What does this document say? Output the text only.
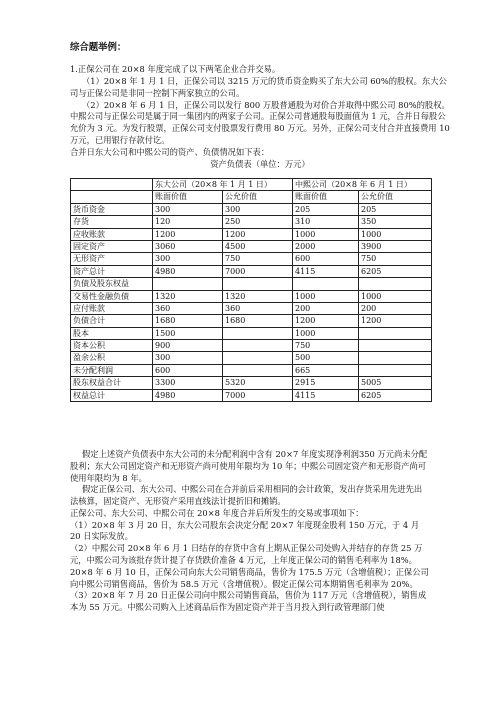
综合题举例：

1.正保公司在 20×8 年度完成了以下两笔企业合并交易。

（1）20×8 年 1 月 1 日，正保公司以 3215 万元的货币资金购买了东大公司 60%的股权。东大公司与正保公司是非同一控制下两家独立的公司。

（2）20×8 年 6 月 1 日，正保公司以发行 800 万股普通股为对价合并取得中熙公司 80%的股权。中熙公司与正保公司是属于同一集团内的两家子公司。正保公司普通股每股面值为 1 元，合并日每股公允价为 3 元。为发行股票，正保公司支付股票发行费用 80 万元。另外，正保公司支付合并直接费用 10 万元，已用银行存款付讫。

合并日东大公司和中熙公司的资产、负债情况如下表：

资产负债表（单位：万元）

	东大公司（20×8 年 1 月 1 日）		中熙公司（20×8 年 6 月 1 日）	
	账面价值	公允价值	账面价值	公允价值
货币资金	300	300	205	205
存货	120	250	310	350
应收账款	1200	1200	1000	1000
固定资产	3060	4500	2000	3900
无形资产	300	750	600	750
资产总计	4980	7000	4115	6205
负债及股东权益				
交易性金融负债	1320	1320	1000	1000
应付账款	360	360	200	200
负债合计	1680	1680	1200	1200
股本	1500		1000	
资本公积	900		750	
盈余公积	300		500	
未分配利润	600		665	
股东权益合计	3300	5320	2915	5005
权益总计	4980	7000	4115	6205

假定上述资产负债表中东大公司的未分配利润中含有 20×7 年度实现净利润350 万元尚未分配股利；东大公司固定资产和无形资产尚可使用年限均为 10 年；中熙公司固定资产和无形资产尚可使用年限均为 8 年。

假定正保公司、东大公司、中熙公司在合并前后采用相同的会计政策，发出存货采用先进先出法核算，固定资产、无形资产采用直线法计提折旧和摊销。

正保公司、东大公司、中熙公司在 20×8 年度合并后所发生的交易或事项如下：

（1）20×8 年 3 月 20 日，东大公司股东会决定分配 20×7 年度现金股利 150 万元，于 4 月 20 日实际发放。

（2）中熙公司 20×8 年 6 月 1 日结存的存货中含有上期从正保公司处购入并结存的存货 25 万元，中熙公司为该批存货计提了存货跌价准备 4 万元，上年度正保公司的销售毛利率为 18%。

20×8 年 6 月 10 日，正保公司向东大公司销售商品，售价为 175.5 万元（含增值税）；正保公司向中熙公司销售商品，售价为 58.5 万元（含增值税）。假定正保公司本期销售毛利率为 20%。

（3）20×8 年 7 月 20 日正保公司向中熙公司销售商品，售价为 117 万元（含增值税），销售成本为 55 万元。中熙公司购入上述商品后作为固定资产并于当月投入到行政管理部门使
